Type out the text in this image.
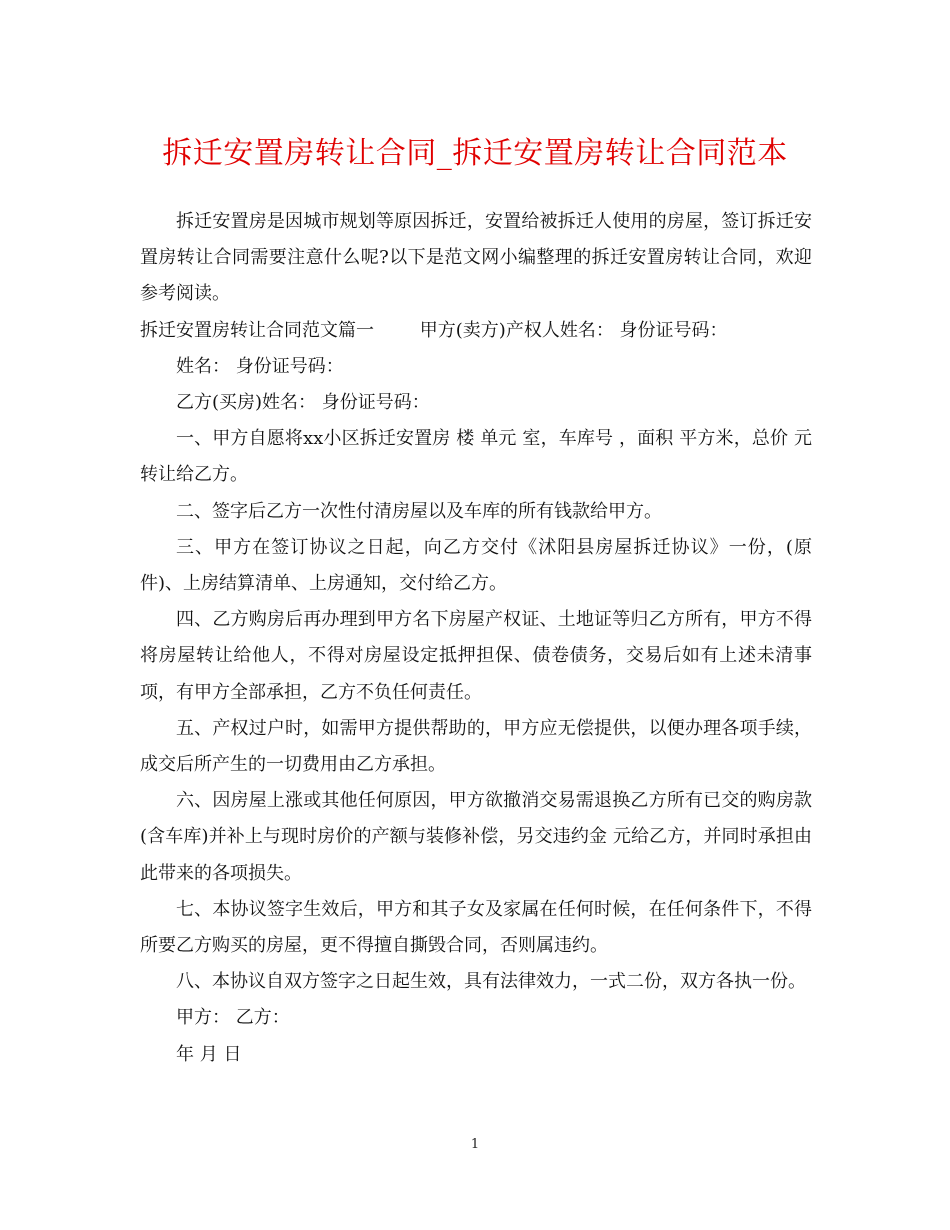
拆迁安置房转让合同_拆迁安置房转让合同范本

拆迁安置房是因城市规划等原因拆迁，安置给被拆迁人使用的房屋，签订拆迁安置房转让合同需要注意什么呢?以下是范文网小编整理的拆迁安置房转让合同，欢迎参考阅读。

拆迁安置房转让合同范文篇一	甲方(卖方)产权人姓名： 身份证号码：

姓名： 身份证号码：

乙方(买房)姓名： 身份证号码：

一、甲方自愿将xx小区拆迁安置房 楼 单元 室，车库号 ，面积 平方米，总价 元转让给乙方。

二、签字后乙方一次性付清房屋以及车库的所有钱款给甲方。

三、甲方在签订协议之日起，向乙方交付《沭阳县房屋拆迁协议》一份，(原件)、上房结算清单、上房通知，交付给乙方。

四、乙方购房后再办理到甲方名下房屋产权证、土地证等归乙方所有，甲方不得将房屋转让给他人，不得对房屋设定抵押担保、债卷债务，交易后如有上述未清事项，有甲方全部承担，乙方不负任何责任。

五、产权过户时，如需甲方提供帮助的，甲方应无偿提供，以便办理各项手续，成交后所产生的一切费用由乙方承担。

六、因房屋上涨或其他任何原因，甲方欲撤消交易需退换乙方所有已交的购房款(含车库)并补上与现时房价的产额与装修补偿，另交违约金 元给乙方，并同时承担由此带来的各项损失。

七、本协议签字生效后，甲方和其子女及家属在任何时候，在任何条件下，不得所要乙方购买的房屋，更不得擅自撕毁合同，否则属违约。

八、本协议自双方签字之日起生效，具有法律效力，一式二份，双方各执一份。

甲方： 乙方：

年 月 日

1
